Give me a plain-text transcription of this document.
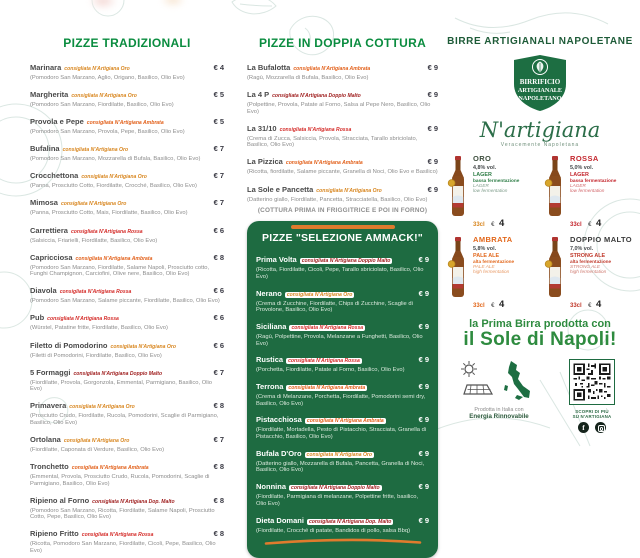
PIZZE TRADIZIONALI
Marinara consigliata N'Artigiana Oro	€ 4
(Pomodoro San Marzano, Aglio, Origano, Basilico, Olio Evo)
Margherita consigliata N'Artigiana Oro	€ 5
(Pomodoro San Marzano, Fiordilatte, Basilico, Olio Evo)
Provola e Pepe consigliata N'Artigiana Ambrata	€ 5
(Pomodoro San Marzano, Provola, Pepe, Basilico, Olio Evo)
Bufalina consigliata N'Artigiana Oro	€ 7
(Pomodoro San Marzano, Mozzarella di Bufala, Basilico, Olio Evo)
Crocchettona consigliata N'Artigiana Oro	€ 7
(Panna, Prosciutto Cotto, Fiordilatte, Crocché, Basilico, Olio Evo)
Mimosa consigliata N'Artigiana Oro	€ 7
(Panna, Prosciutto Cotto, Mais, Fiordilatte, Basilico, Olio Evo)
Carrettiera consigliata N'Artigiana Rossa	€ 6
(Salsiccia, Friarielli, Fiordilatte, Basilico, Olio Evo)
Capricciosa consigliata N'Artigiana Ambrata	€ 8
(Pomodoro San Marzano, Fiordilatte, Salame Napoli, Prosciutto cotto, Funghi Champignon, Carciofini, Olive nere, Basilico, Olio Evo)
Diavola consigliata N'Artigiana Rossa	€ 6
(Pomodoro San Marzano, Salame piccante, Fiordilatte, Basilico, Olio Evo)
Pub consigliata N'Artigiana Rossa	€ 6
(Würstel, Patatine fritte, Fiordilatte, Basilico, Olio Evo)
Filetto di Pomodorino consigliata N'Artigiana Oro	€ 6
(Filetti di Pomodorini, Fiordilatte, Basilico, Olio Evo)
5 Formaggi consigliata N'Artigiana Doppio Malto	€ 7
(Fiordilatte, Provola, Gorgonzola, Emmental, Parmigiano, Basilico, Olio Evo)
Primavera consigliata N'Artigiana Oro	€ 8
(Prosciutto Crudo, Fiordilatte, Rucola, Pomodorini, Scaglie di Parmigiano, Basilico, Olio Evo)
Ortolana consigliata N'Artigiana Oro	€ 7
(Fiordilatte, Caponata di Verdure, Basilico, Olio Evo)
Tronchetto consigliata N'Artigiana Ambrata	€ 8
(Emmental, Provola, Prosciutto Crudo, Rucola, Pomodorini, Scaglie di Parmigiano, Basilico, Olio Evo)
Ripieno al Forno consigliata N'Artigiana Dop. Malto	€ 8
(Pomodoro San Marzano, Ricotta, Fiordilatte, Salame Napoli, Prosciutto Cotto, Pepe, Basilico, Olio Evo)
Ripieno Fritto consigliata N'Artigiana Rossa	€ 8
(Ricotta, Pomodoro San Marzano, Fiordilatte, Cicoli, Pepe, Basilico, Olio Evo)
PIZZE IN DOPPIA COTTURA
La Bufalotta consigliata N'Artigiana Ambrata	€ 9
(Ragù, Mozzarella di Bufala, Basilico, Olio Evo)
La 4 P consigliata N'Artigiana Doppio Malto	€ 9
(Polpettine, Provola, Patate al Forno, Salsa al Pepe Nero, Basilico, Olio Evo)
La 31/10 consigliata N'Artigiana Rossa	€ 9
(Crema di Zucca, Salsiccia, Provola, Stracciata, Tarallo sbriciolato, Basilico, Olio Evo)
La Pizzica consigliata N'Artigiana Ambrata	€ 9
(Ricotta, fiordilatte, Salame piccante, Granella di Noci, Olio Evo e Basilico)
La Sole e Pancetta consigliata N'Artigiana Oro	€ 9
(Datterino giallo, Fiordilatte, Pancetta, Stracciatella, Basilico, Olio Evo)
(COTTURA PRIMA IN FRIGGITRICE E POI IN FORNO)
PIZZE "SELEZIONE AMMACK!"
Prima Volta consigliata N'Artigiana Doppio Malto	€ 9
(Ricotta, Fiordilatte, Cicoli, Pepe, Tarallo sbriciolato, Basilico, Olio Evo)
Nerano consigliata N'Artigiana Oro	€ 9
(Crema di Zucchine, Fiordilatte, Chips di Zucchine, Scaglie di Provolone, Basilico, Olio Evo)
Siciliana consigliata N'Artigiana Rossa	€ 9
(Ragù, Polpettine, Provola, Melanzane a Funghetti, Basilico, Olio Evo)
Rustica consigliata N'Artigiana Rossa	€ 9
(Porchetta, Fiordilatte, Patate al Forno, Basilico, Olio Evo)
Terrona consigliata N'Artigiana Ambrata	€ 9
(Crema di Melanzane, Porchetta, Fiordilatte, Pomodorini semi dry, Basilico, Olio Evo)
Pistacchiosa consigliata N'Artigiana Ambrata	€ 9
(Fiordilatte, Mortadella, Pesto di Pistacchio, Stracciata, Granella di Pistacchio, Basilico, Olio Evo)
Bufala D'Oro consigliata N'Artigiana Oro	€ 9
(Datterino giallo, Mozzarella di Bufala, Pancetta, Granella di Noci, Basilico, Olio Evo)
Nonnina consigliata N'Artigiana Doppio Malto	€ 9
(Fiordilatte, Parmigiana di melanzane, Polpettine fritte, basilico, Olio Evo)
Dieta Domani consigliata N'Artigiana Dop. Malto	€ 9
(Fiordilatte, Crocché di patate, Bandidos di pollo, salsa Bbq)
BIRRE ARTIGIANALI NAPOLETANE
BIRRIFICIO
ARTIGIANALE
NAPOLETANO
N'artigiana
Veracemente Napoletana
ORO
4,8% vol.
LAGER
bassa fermentazione
LAGER
low fermentation
33cl € 4
ROSSA
5,0% vol.
LAGER
bassa fermentazione
LAGER
low fermentation
33cl € 4
AMBRATA
5,8% vol.
PALE ALE
alta fermentazione
PALE ALE
high fermentation
33cl € 4
DOPPIO MALTO
7,0% vol.
STRONG ALE
alta fermentazione
STRONG ALE
high fermentation
33cl € 4
la Prima Birra prodotta con
il Sole di Napoli!
Prodotta in Italia con
Energia Rinnovabile
SCOPRI DI PIÙ
SU N'ARTIGIANA
f
